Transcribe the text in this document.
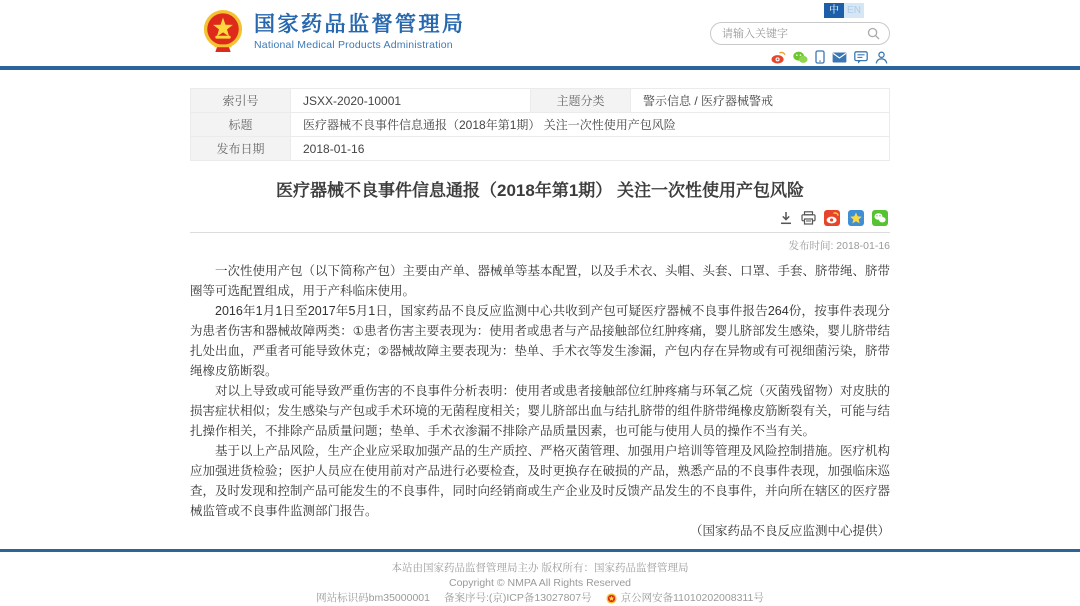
国家药品监督管理局
National Medical Products Administration
中 EN
请输入关键字
索引号	JSXX-2020-10001	主题分类	警示信息 / 医疗器械警戒
标题	医疗器械不良事件信息通报（2018年第1期） 关注一次性使用产包风险		
发布日期	2018-01-16		
医疗器械不良事件信息通报（2018年第1期） 关注一次性使用产包风险
发布时间: 2018-01-16

一次性使用产包（以下简称产包）主要由产单、器械单等基本配置，以及手术衣、头帽、头套、口罩、手套、脐带绳、脐带圈等可选配置组成，用于产科临床使用。

2016年1月1日至2017年5月1日，国家药品不良反应监测中心共收到产包可疑医疗器械不良事件报告264份，按事件表现分为患者伤害和器械故障两类：①患者伤害主要表现为：使用者或患者与产品接触部位红肿疼痛，婴儿脐部发生感染，婴儿脐带结扎处出血，严重者可能导致休克；②器械故障主要表现为：垫单、手术衣等发生渗漏，产包内存在异物或有可视细菌污染，脐带绳橡皮筋断裂。

对以上导致或可能导致严重伤害的不良事件分析表明：使用者或患者接触部位红肿疼痛与环氧乙烷（灭菌残留物）对皮肤的损害症状相似；发生感染与产包或手术环境的无菌程度相关；婴儿脐部出血与结扎脐带的组件脐带绳橡皮筋断裂有关，可能与结扎操作相关，不排除产品质量问题；垫单、手术衣渗漏不排除产品质量因素，也可能与使用人员的操作不当有关。

基于以上产品风险，生产企业应采取加强产品的生产质控、严格灭菌管理、加强用户培训等管理及风险控制措施。医疗机构应加强进货检验；医护人员应在使用前对产品进行必要检查，及时更换存在破损的产品，熟悉产品的不良事件表现，加强临床巡查，及时发现和控制产品可能发生的不良事件，同时向经销商或生产企业及时反馈产品发生的不良事件，并向所在辖区的医疗器械监管或不良事件监测部门报告。

（国家药品不良反应监测中心提供）

本站由国家药品监督管理局主办 版权所有：国家药品监督管理局
Copyright © NMPA All Rights Reserved
网站标识码bm35000001 备案序号:(京)ICP备13027807号	京公网安备11010202008311号
